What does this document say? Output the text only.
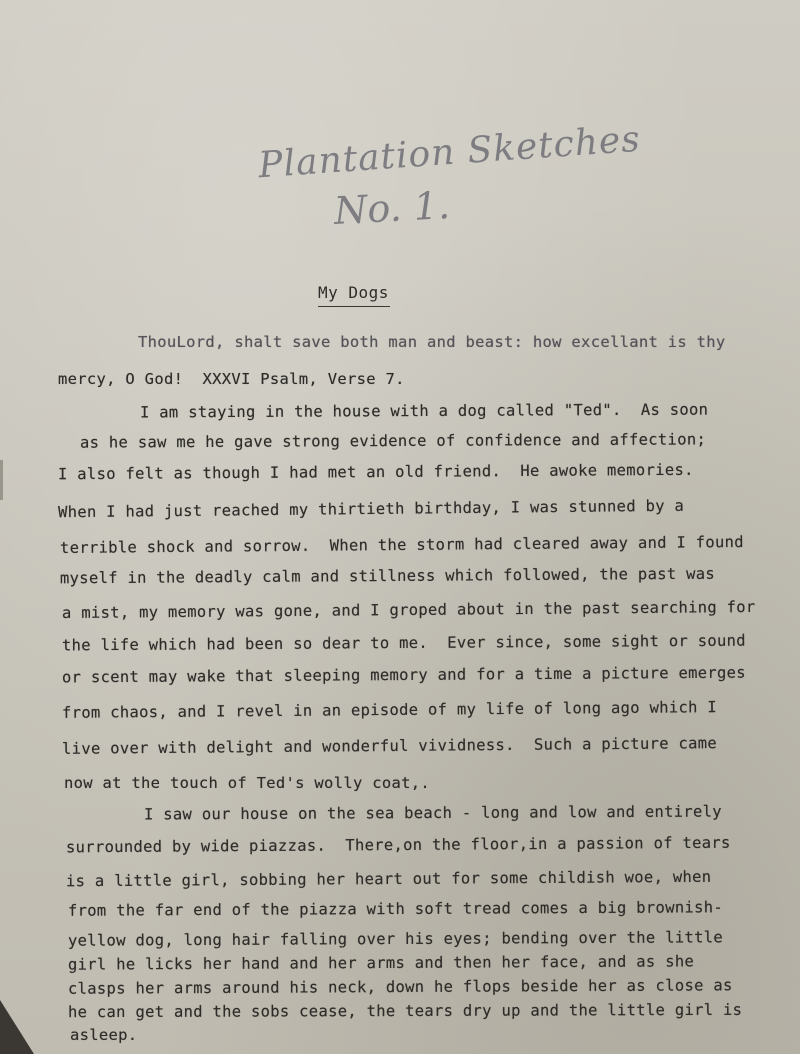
Plantation Sketches
No. 1.
My Dogs
ThouLord, shalt save both man and beast: how excellant is thy
mercy, O God!  XXXVI Psalm, Verse 7.
I am staying in the house with a dog called "Ted".  As soon
as he saw me he gave strong evidence of confidence and affection;
I also felt as though I had met an old friend.  He awoke memories.
When I had just reached my thirtieth birthday, I was stunned by a
terrible shock and sorrow.  When the storm had cleared away and I found
myself in the deadly calm and stillness which followed, the past was
a mist, my memory was gone, and I groped about in the past searching for
the life which had been so dear to me.  Ever since, some sight or sound
or scent may wake that sleeping memory and for a time a picture emerges
from chaos, and I revel in an episode of my life of long ago which I
live over with delight and wonderful vividness.  Such a picture came
now at the touch of Ted's wolly coat,.
I saw our house on the sea beach - long and low and entirely
surrounded by wide piazzas.  There,on the floor,in a passion of tears
is a little girl, sobbing her heart out for some childish woe, when
from the far end of the piazza with soft tread comes a big brownish-
yellow dog, long hair falling over his eyes; bending over the little
girl he licks her hand and her arms and then her face, and as she
clasps her arms around his neck, down he flops beside her as close as
he can get and the sobs cease, the tears dry up and the little girl is
asleep.
